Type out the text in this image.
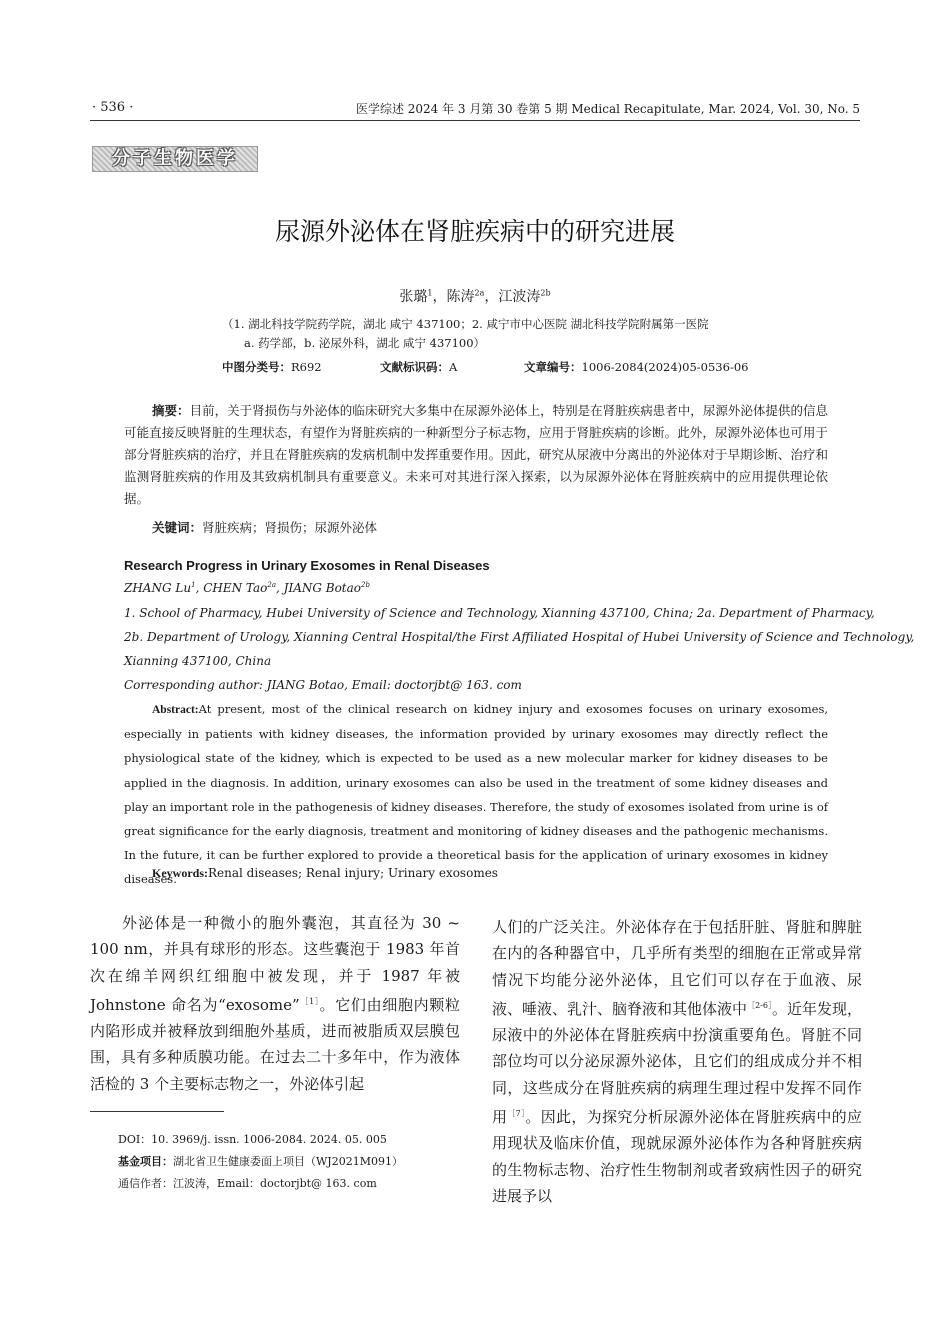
· 536 ·	医学综述 2024 年 3 月第 30 卷第 5 期 Medical Recapitulate, Mar. 2024, Vol. 30, No. 5
分子生物医学
尿源外泌体在肾脏疾病中的研究进展
张璐$^1$，陈涛$^{2a}$，江波涛$^{2b}$
（1. 湖北科技学院药学院，湖北 咸宁 437100；2. 咸宁市中心医院 湖北科技学院附属第一医院
a. 药学部，b. 泌尿外科，湖北 咸宁 437100）
中图分类号：R692	文献标识码：A	文章编号：1006-2084(2024)05-0536-06
摘要：目前，关于肾损伤与外泌体的临床研究大多集中在尿源外泌体上，特别是在肾脏疾病患者中，尿源外泌体提供的信息可能直接反映肾脏的生理状态，有望作为肾脏疾病的一种新型分子标志物，应用于肾脏疾病的诊断。此外，尿源外泌体也可用于部分肾脏疾病的治疗，并且在肾脏疾病的发病机制中发挥重要作用。因此，研究从尿液中分离出的外泌体对于早期诊断、治疗和监测肾脏疾病的作用及其致病机制具有重要意义。未来可对其进行深入探索，以为尿源外泌体在肾脏疾病中的应用提供理论依据。
关键词：肾脏疾病；肾损伤；尿源外泌体
Research Progress in Urinary Exosomes in Renal Diseases
ZHANG Lu$^1$, CHEN Tao$^{2a}$, JIANG Botao$^{2b}$
1. School of Pharmacy, Hubei University of Science and Technology, Xianning 437100, China; 2a. Department of Pharmacy,
2b. Department of Urology, Xianning Central Hospital/the First Affiliated Hospital of Hubei University of Science and Technology,
Xianning 437100, China
Corresponding author: JIANG Botao, Email: doctorjbt@ 163. com
Abstract:At present, most of the clinical research on kidney injury and exosomes focuses on urinary exosomes, especially in patients with kidney diseases, the information provided by urinary exosomes may directly reflect the physiological state of the kidney, which is expected to be used as a new molecular marker for kidney diseases to be applied in the diagnosis. In addition, urinary exosomes can also be used in the treatment of some kidney diseases and play an important role in the pathogenesis of kidney diseases. Therefore, the study of exosomes isolated from urine is of great significance for the early diagnosis, treatment and monitoring of kidney diseases and the pathogenic mechanisms. In the future, it can be further explored to provide a theoretical basis for the application of urinary exosomes in kidney diseases.
Keywords:Renal diseases; Renal injury; Urinary exosomes
外泌体是一种微小的胞外囊泡，其直径为 30 ~ 100 nm，并具有球形的形态。这些囊泡于 1983 年首次在绵羊网织红细胞中被发现，并于 1987 年被 Johnstone 命名为“exosome”$^{[1]}$。它们由细胞内颗粒内陷形成并被释放到细胞外基质，进而被脂质双层膜包围，具有多种质膜功能。在过去二十多年中，作为液体活检的 3 个主要标志物之一，外泌体引起
人们的广泛关注。外泌体存在于包括肝脏、肾脏和脾脏在内的各种器官中，几乎所有类型的细胞在正常或异常情况下均能分泌外泌体，且它们可以存在于血液、尿液、唾液、乳汁、脑脊液和其他体液中$^{[2-6]}$。近年发现，尿液中的外泌体在肾脏疾病中扮演重要角色。肾脏不同部位均可以分泌尿源外泌体，且它们的组成成分并不相同，这些成分在肾脏疾病的病理生理过程中发挥不同作用$^{[7]}$。因此，为探究分析尿源外泌体在肾脏疾病中的应用现状及临床价值，现就尿源外泌体作为各种肾脏疾病的生物标志物、治疗性生物制剂或者致病性因子的研究进展予以
DOI：10. 3969/j. issn. 1006-2084. 2024. 05. 005
基金项目：湖北省卫生健康委面上项目（WJ2021M091）
通信作者：江波涛，Email：doctorjbt@ 163. com
